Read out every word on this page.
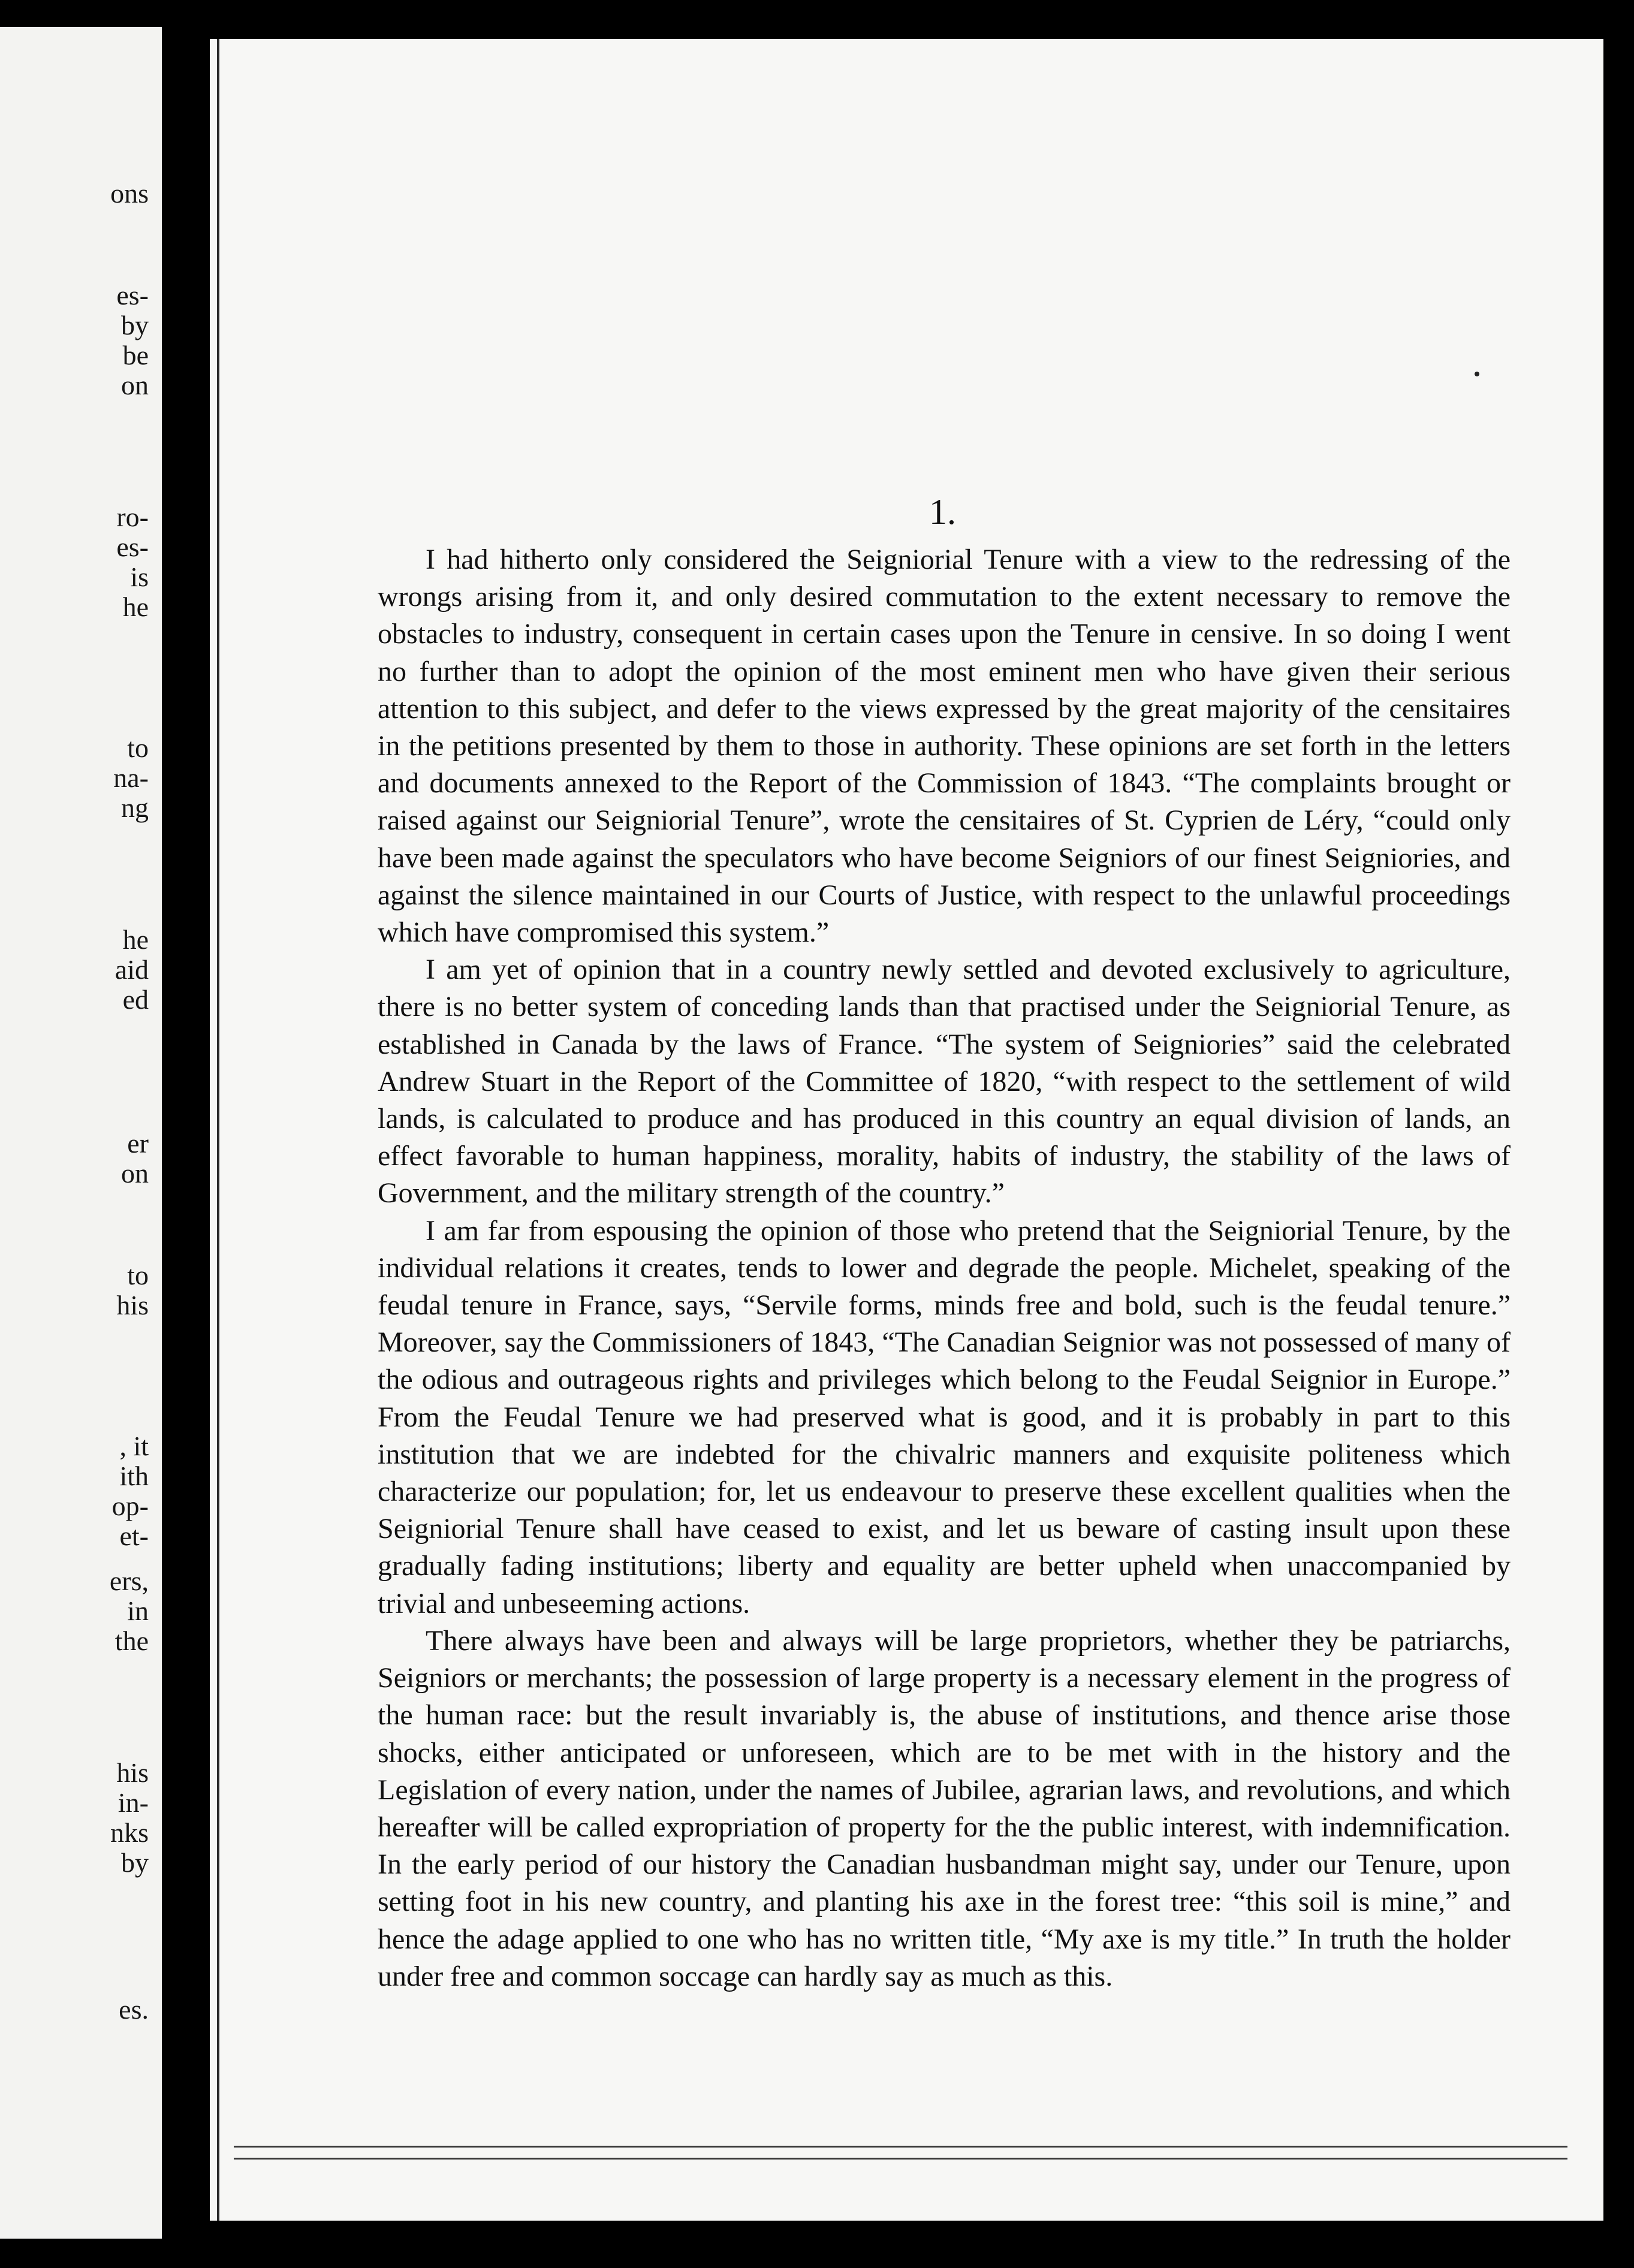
ons
es-
by
be
on
ro-
es-
is
he
to
na-
ng
he
aid
ed
er
on
to
his
, it
ith
op-
et-
ers,
in
the
his
in-
nks
by
es.
1.

I had hitherto only considered the Seigniorial Tenure with a view to the redressing of the wrongs arising from it, and only desired commutation to the extent necessary to remove the obstacles to industry, consequent in certain cases upon the Tenure in censive. In so doing I went no further than to adopt the opinion of the most eminent men who have given their serious attention to this subject, and defer to the views expressed by the great majority of the censitaires in the petitions presented by them to those in authority. These opinions are set forth in the letters and documents annexed to the Report of the Commission of 1843. “The complaints brought or raised against our Seigniorial Tenure”, wrote the censitaires of St. Cyprien de Léry, “could only have been made against the speculators who have become Seigniors of our finest Seigniories, and against the silence maintained in our Courts of Justice, with respect to the unlawful proceedings which have compromised this system.”

I am yet of opinion that in a country newly settled and devoted exclusively to agriculture, there is no better system of conceding lands than that practised under the Seigniorial Tenure, as established in Canada by the laws of France. “The system of Seigniories” said the celebrated Andrew Stuart in the Report of the Committee of 1820, “with respect to the settlement of wild lands, is calculated to produce and has produced in this country an equal division of lands, an effect favorable to human happiness, morality, habits of industry, the stability of the laws of Government, and the military strength of the country.”

I am far from espousing the opinion of those who pretend that the Seigniorial Tenure, by the individual relations it creates, tends to lower and degrade the people. Michelet, speaking of the feudal tenure in France, says, “Servile forms, minds free and bold, such is the feudal tenure.” Moreover, say the Commissioners of 1843, “The Canadian Seignior was not possessed of many of the odious and outrageous rights and privileges which belong to the Feudal Seignior in Europe.” From the Feudal Tenure we had preserved what is good, and it is probably in part to this institution that we are indebted for the chivalric manners and exquisite politeness which characterize our population; for, let us endeavour to preserve these excellent qualities when the Seigniorial Tenure shall have ceased to exist, and let us beware of casting insult upon these gradually fading institutions; liberty and equality are better upheld when unaccompanied by trivial and unbeseeming actions.

There always have been and always will be large proprietors, whether they be patriarchs, Seigniors or merchants; the possession of large property is a necessary element in the progress of the human race: but the result invariably is, the abuse of institutions, and thence arise those shocks, either anticipated or unforeseen, which are to be met with in the history and the Legislation of every nation, under the names of Jubilee, agrarian laws, and revolutions, and which hereafter will be called expropriation of property for the the public interest, with indemnification. In the early period of our history the Canadian husbandman might say, under our Tenure, upon setting foot in his new country, and planting his axe in the forest tree: “this soil is mine,” and hence the adage applied to one who has no written title, “My axe is my title.” In truth the holder under free and common soccage can hardly say as much as this.
